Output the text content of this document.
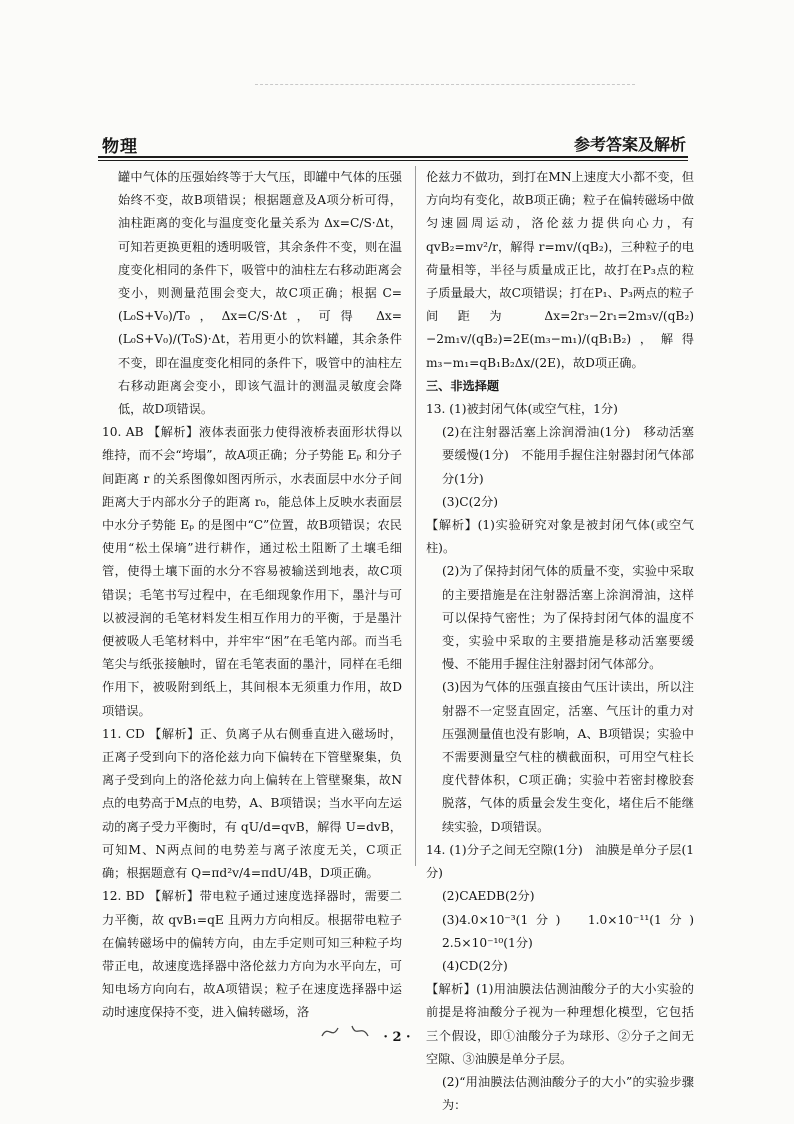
物理	参考答案及解析

罐中气体的压强始终等于大气压，即罐中气体的压强始终不变，故B项错误；根据题意及A项分析可得，油柱距离的变化与温度变化量关系为 Δx=C/S·Δt，可知若更换更粗的透明吸管，其余条件不变，则在温度变化相同的条件下，吸管中的油柱左右移动距离会变小，则测量范围会变大，故C项正确；根据 C=(L₀S+V₀)/T₀，Δx=C/S·Δt，可得 Δx=(L₀S+V₀)/(T₀S)·Δt，若用更小的饮料罐，其余条件不变，即在温度变化相同的条件下，吸管中的油柱左右移动距离会变小，即该气温计的测温灵敏度会降低，故D项错误。

10. AB 【解析】液体表面张力使得液桥表面形状得以维持，而不会“垮塌”，故A项正确；分子势能 Eₚ 和分子间距离 r 的关系图像如图丙所示，水表面层中水分子间距离大于内部水分子的距离 r₀，能总体上反映水表面层中水分子势能 Eₚ 的是图中“C”位置，故B项错误；农民使用“松土保墒”进行耕作，通过松土阻断了土壤毛细管，使得土壤下面的水分不容易被输送到地表，故C项错误；毛笔书写过程中，在毛细现象作用下，墨汁与可以被浸润的毛笔材料发生相互作用力的平衡，于是墨汁便被吸人毛笔材料中，并牢牢“困”在毛笔内部。而当毛笔尖与纸张接触时，留在毛笔表面的墨汁，同样在毛细作用下，被吸附到纸上，其间根本无须重力作用，故D项错误。

11. CD 【解析】正、负离子从右侧垂直进入磁场时，正离子受到向下的洛伦兹力向下偏转在下管壁聚集，负离子受到向上的洛伦兹力向上偏转在上管壁聚集，故N点的电势高于M点的电势，A、B项错误；当水平向左运动的离子受力平衡时，有 qU/d=qvB，解得 U=dvB，可知M、N两点间的电势差与离子浓度无关，C项正确；根据题意有 Q=πd²v/4=πdU/4B，D项正确。

12. BD 【解析】带电粒子通过速度选择器时，需要二力平衡，故 qvB₁=qE 且两力方向相反。根据带电粒子在偏转磁场中的偏转方向，由左手定则可知三种粒子均带正电，故速度选择器中洛伦兹力方向为水平向左，可知电场方向向右，故A项错误；粒子在速度选择器中运动时速度保持不变，进入偏转磁场，洛

伦兹力不做功，到打在MN上速度大小都不变，但方向均有变化，故B项正确；粒子在偏转磁场中做匀速圆周运动，洛伦兹力提供向心力，有 qvB₂=mv²/r，解得 r=mv/(qB₂)，三种粒子的电荷量相等，半径与质量成正比，故打在P₃点的粒子质量最大，故C项错误；打在P₁、P₃两点的粒子间距为 Δx=2r₃−2r₁=2m₃v/(qB₂)−2m₁v/(qB₂)=2E(m₃−m₁)/(qB₁B₂)，解得 m₃−m₁=qB₁B₂Δx/(2E)，故D项正确。

三、非选择题

13. (1)被封闭气体(或空气柱，1分)

(2)在注射器活塞上涂润滑油(1分)　移动活塞要缓慢(1分)　不能用手握住注射器封闭气体部分(1分)

(3)C(2分)

【解析】(1)实验研究对象是被封闭气体(或空气柱)。

(2)为了保持封闭气体的质量不变，实验中采取的主要措施是在注射器活塞上涂润滑油，这样可以保持气密性；为了保持封闭气体的温度不变，实验中采取的主要措施是移动活塞要缓慢、不能用手握住注射器封闭气体部分。

(3)因为气体的压强直接由气压计读出，所以注射器不一定竖直固定，活塞、气压计的重力对压强测量值也没有影响，A、B项错误；实验中不需要测量空气柱的横截面积，可用空气柱长度代替体积，C项正确；实验中若密封橡胶套脱落，气体的质量会发生变化，堵住后不能继续实验，D项错误。

14. (1)分子之间无空隙(1分)　油膜是单分子层(1分)

(2)CAEDB(2分)

(3)4.0×10⁻³(1分)　1.0×10⁻¹¹(1分)　2.5×10⁻¹⁰(1分)

(4)CD(2分)

【解析】(1)用油膜法估测油酸分子的大小实验的前提是将油酸分子视为一种理想化模型，它包括三个假设，即①油酸分子为球形、②分子之间无空隙、③油膜是单分子层。

(2)“用油膜法估测油酸分子的大小”的实验步骤为：

· 2 ·
